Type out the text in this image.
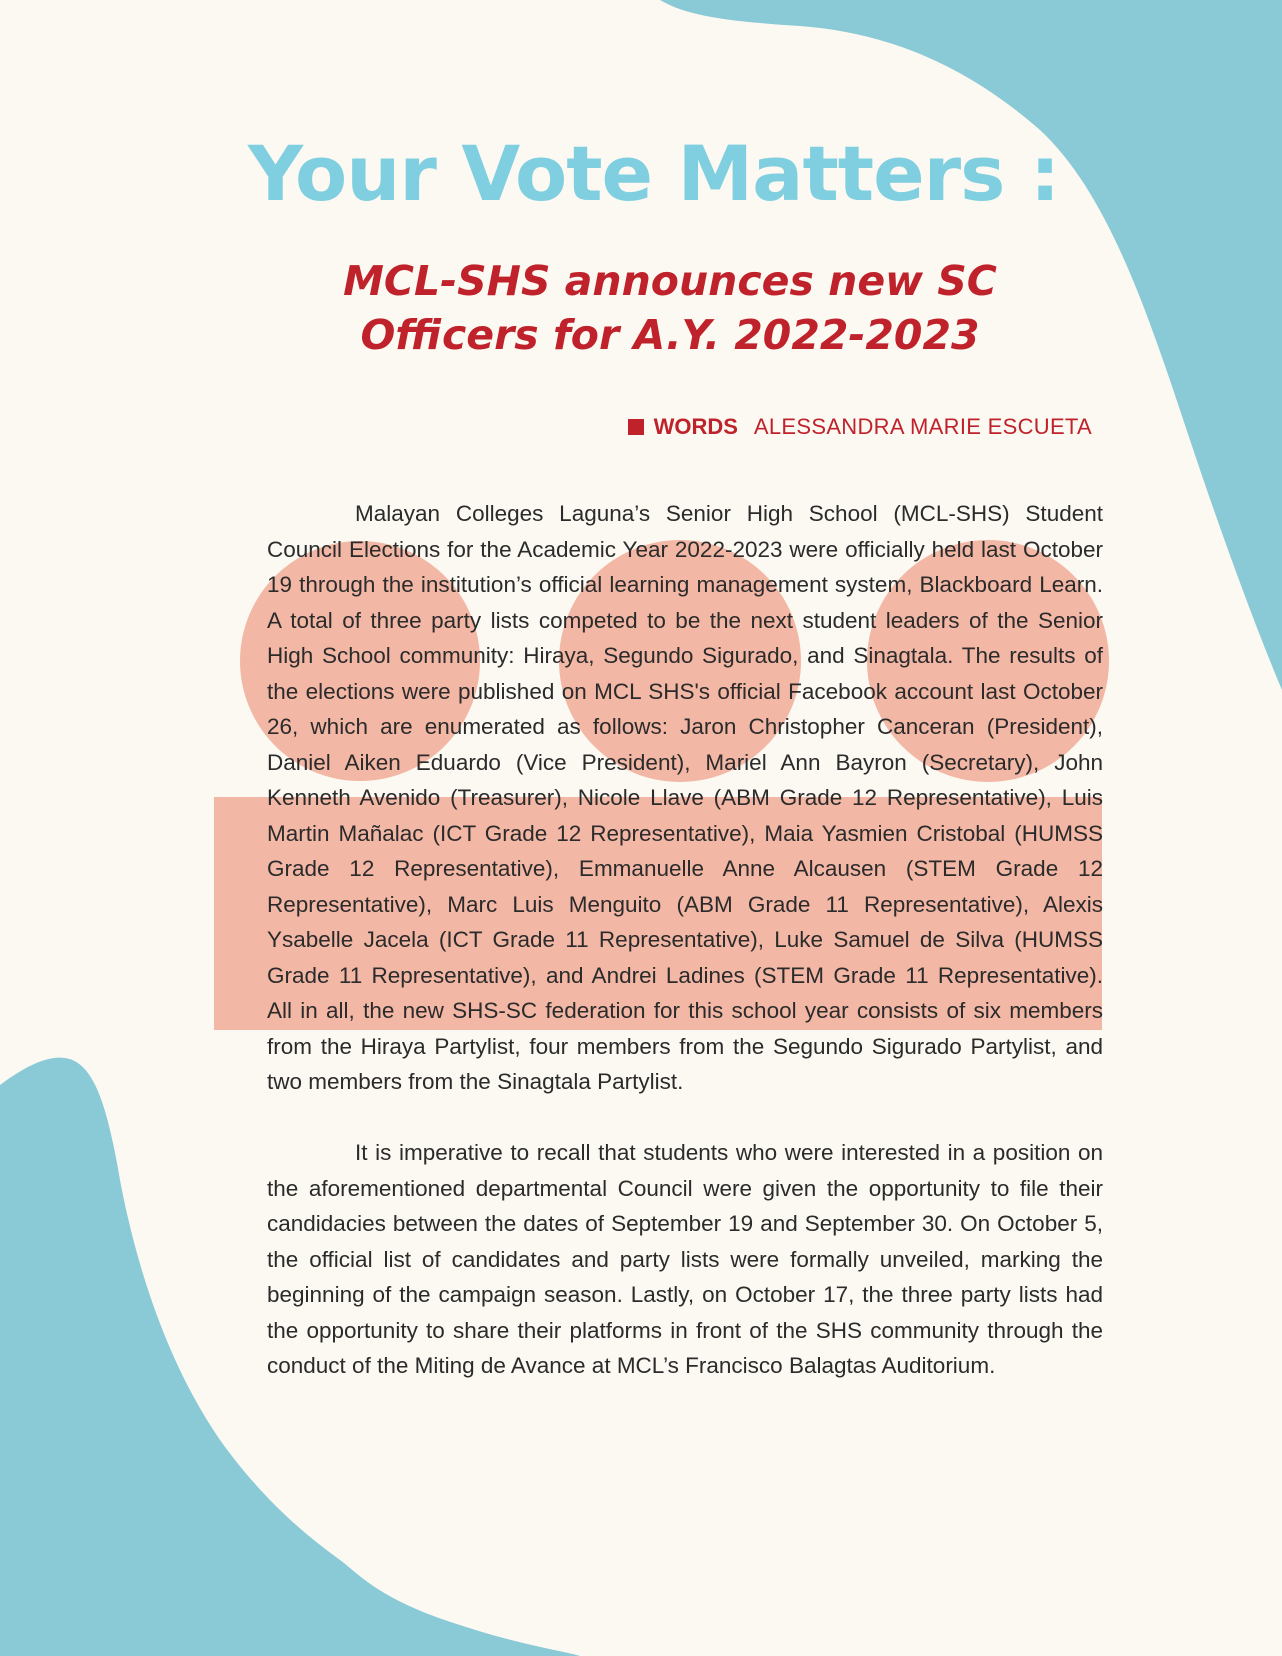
Your Vote Matters :
MCL-SHS announces new SC
Officers for A.Y. 2022-2023
WORDS ALESSANDRA MARIE ESCUETA

Malayan Colleges Laguna’s Senior High School (MCL-SHS) Student Council Elections for the Academic Year 2022-2023 were officially held last October 19 through the institution’s official learning management system, Blackboard Learn. A total of three party lists competed to be the next student leaders of the Senior High School community: Hiraya, Segundo Sigurado, and Sinagtala. The results of the elections were published on MCL SHS's official Facebook account last October 26, which are enumerated as follows: Jaron Christopher Canceran (President), Daniel Aiken Eduardo (Vice President), Mariel Ann Bayron (Secretary), John Kenneth Avenido (Treasurer), Nicole Llave (ABM Grade 12 Representative), Luis Martin Mañalac (ICT Grade 12 Representative), Maia Yasmien Cristobal (HUMSS Grade 12 Representative), Emmanuelle Anne Alcausen (STEM Grade 12 Representative), Marc Luis Menguito (ABM Grade 11 Representative), Alexis Ysabelle Jacela (ICT Grade 11 Representative), Luke Samuel de Silva (HUMSS Grade 11 Representative), and Andrei Ladines (STEM Grade 11 Representative). All in all, the new SHS-SC federation for this school year consists of six members from the Hiraya Partylist, four members from the Segundo Sigurado Partylist, and two members from the Sinagtala Partylist.

It is imperative to recall that students who were interested in a position on the aforementioned departmental Council were given the opportunity to file their candidacies between the dates of September 19 and September 30. On October 5, the official list of candidates and party lists were formally unveiled, marking the beginning of the campaign season. Lastly, on October 17, the three party lists had the opportunity to share their platforms in front of the SHS community through the conduct of the Miting de Avance at MCL’s Francisco Balagtas Auditorium.
